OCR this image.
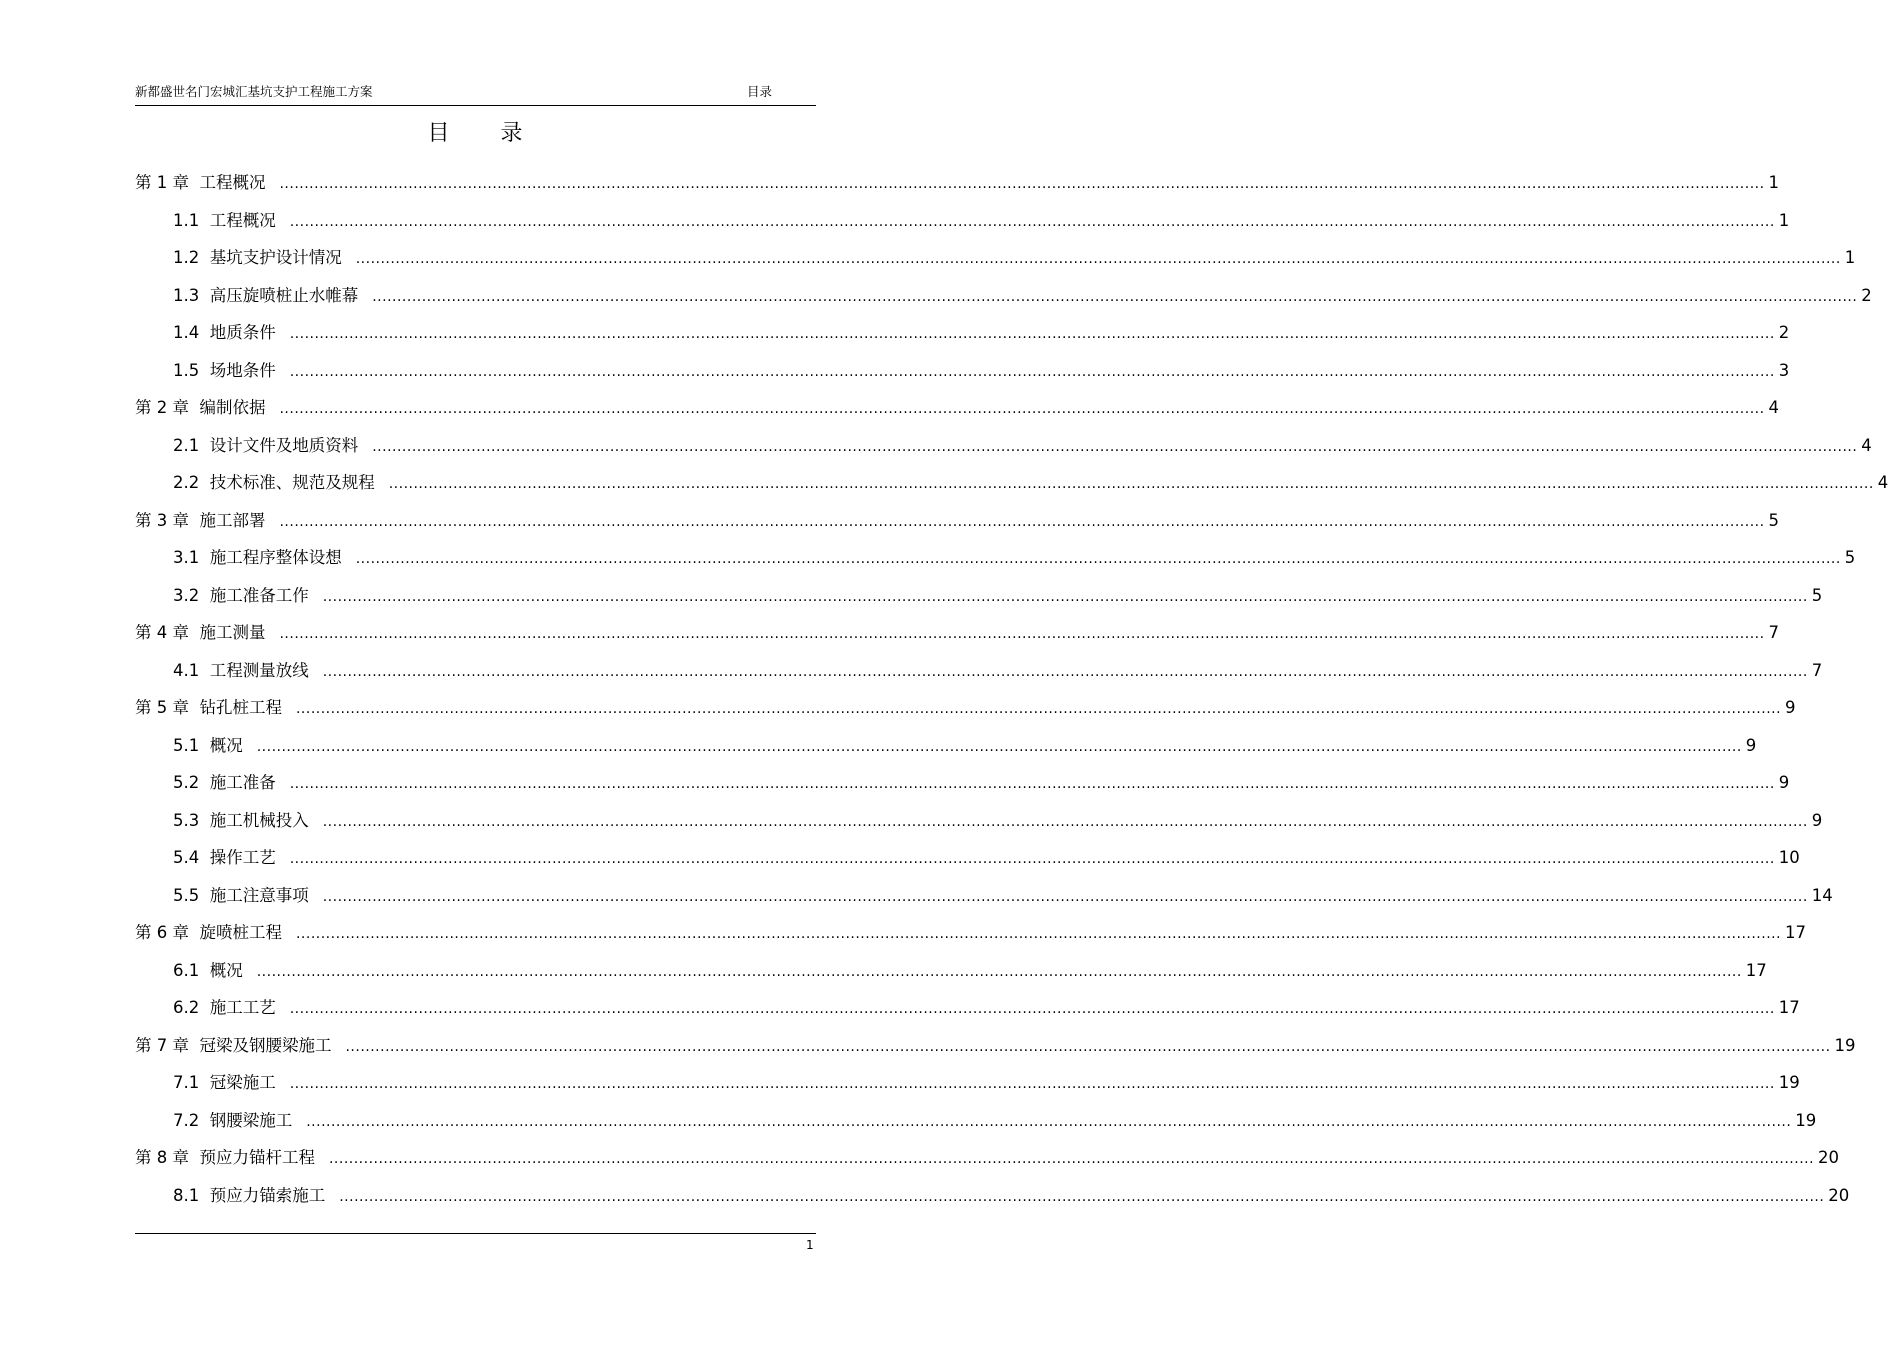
新都盛世名门宏城汇基坑支护工程施工方案	目录
目 录
第 1 章  工程概况 ............................................................................................................................................................................................................................................................................................................ 1
1.1  工程概况 ............................................................................................................................................................................................................................................................................................................ 1
1.2  基坑支护设计情况 ............................................................................................................................................................................................................................................................................................................ 1
1.3  高压旋喷桩止水帷幕 ............................................................................................................................................................................................................................................................................................................ 2
1.4  地质条件 ............................................................................................................................................................................................................................................................................................................ 2
1.5  场地条件 ............................................................................................................................................................................................................................................................................................................ 3
第 2 章  编制依据 ............................................................................................................................................................................................................................................................................................................ 4
2.1  设计文件及地质资料 ............................................................................................................................................................................................................................................................................................................ 4
2.2  技术标准、规范及规程 ............................................................................................................................................................................................................................................................................................................ 4
第 3 章  施工部署 ............................................................................................................................................................................................................................................................................................................ 5
3.1  施工程序整体设想 ............................................................................................................................................................................................................................................................................................................ 5
3.2  施工准备工作 ............................................................................................................................................................................................................................................................................................................ 5
第 4 章  施工测量 ............................................................................................................................................................................................................................................................................................................ 7
4.1  工程测量放线 ............................................................................................................................................................................................................................................................................................................ 7
第 5 章  钻孔桩工程 ............................................................................................................................................................................................................................................................................................................ 9
5.1  概况 ............................................................................................................................................................................................................................................................................................................ 9
5.2  施工准备 ............................................................................................................................................................................................................................................................................................................ 9
5.3  施工机械投入 ............................................................................................................................................................................................................................................................................................................ 9
5.4  操作工艺 ............................................................................................................................................................................................................................................................................................................ 10
5.5  施工注意事项 ............................................................................................................................................................................................................................................................................................................ 14
第 6 章  旋喷桩工程 ............................................................................................................................................................................................................................................................................................................ 17
6.1  概况 ............................................................................................................................................................................................................................................................................................................ 17
6.2  施工工艺 ............................................................................................................................................................................................................................................................................................................ 17
第 7 章  冠梁及钢腰梁施工 ............................................................................................................................................................................................................................................................................................................ 19
7.1  冠梁施工 ............................................................................................................................................................................................................................................................................................................ 19
7.2  钢腰梁施工 ............................................................................................................................................................................................................................................................................................................ 19
第 8 章  预应力锚杆工程 ............................................................................................................................................................................................................................................................................................................ 20
8.1  预应力锚索施工 ............................................................................................................................................................................................................................................................................................................ 20
1
